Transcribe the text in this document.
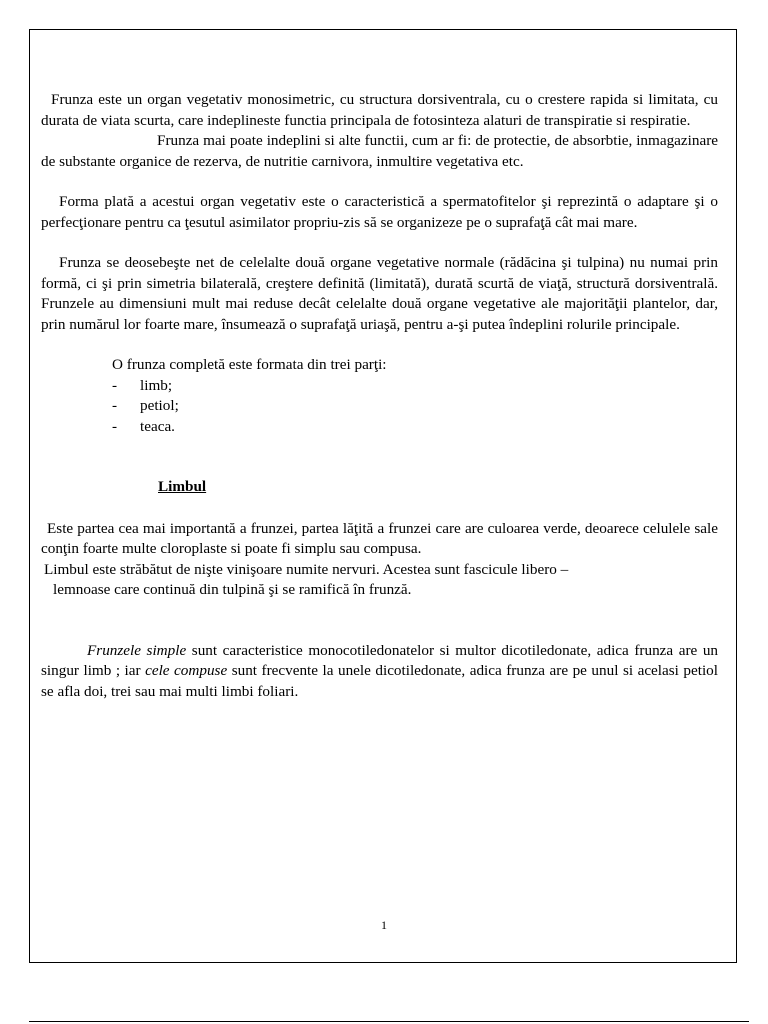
Frunza este un organ vegetativ monosimetric, cu structura dorsiventrala, cu o crestere rapida si limitata, cu durata de viata scurta, care indeplineste functia principala de fotosinteza alaturi de transpiratie si respiratie.

Frunza mai poate indeplini si alte functii, cum ar fi: de protectie, de absorbtie, inmagazinare de substante organice de rezerva, de nutritie carnivora, inmultire vegetativa etc.

Forma plată a acestui organ vegetativ este o caracteristică a spermatofitelor şi reprezintă o adaptare şi o perfecţionare pentru ca ţesutul asimilator propriu-zis să se organizeze pe o suprafaţă cât mai mare.

Frunza se deosebeşte net de celelalte două organe vegetative normale (rădăcina şi tulpina) nu numai prin formă, ci şi prin simetria bilaterală, creştere definită (limitată), durată scurtă de viaţă, structură dorsiventrală. Frunzele au dimensiuni mult mai reduse decât celelalte două organe vegetative ale majorităţii plantelor, dar, prin numărul lor foarte mare, însumează o suprafaţă uriaşă, pentru a-şi putea îndeplini rolurile principale.

O frunza completă este formata din trei parţi:
-	limb;
-	petiol;
-	teaca.
Limbul

Este partea cea mai importantă a frunzei, partea lăţită a frunzei care are culoarea verde, deoarece celulele sale conţin foarte multe cloroplaste si poate fi simplu sau compusa.

Limbul este străbătut de nişte vinişoare numite nervuri. Acestea sunt fascicule libero –
lemnoase care continuă din tulpină şi se ramifică în frunză.

Frunzele simple sunt caracteristice monocotiledonatelor si multor dicotiledonate, adica frunza are un singur limb ; iar cele compuse sunt frecvente la unele dicotiledonate, adica frunza are pe unul si acelasi petiol se afla doi, trei sau mai multi limbi foliari.

1
